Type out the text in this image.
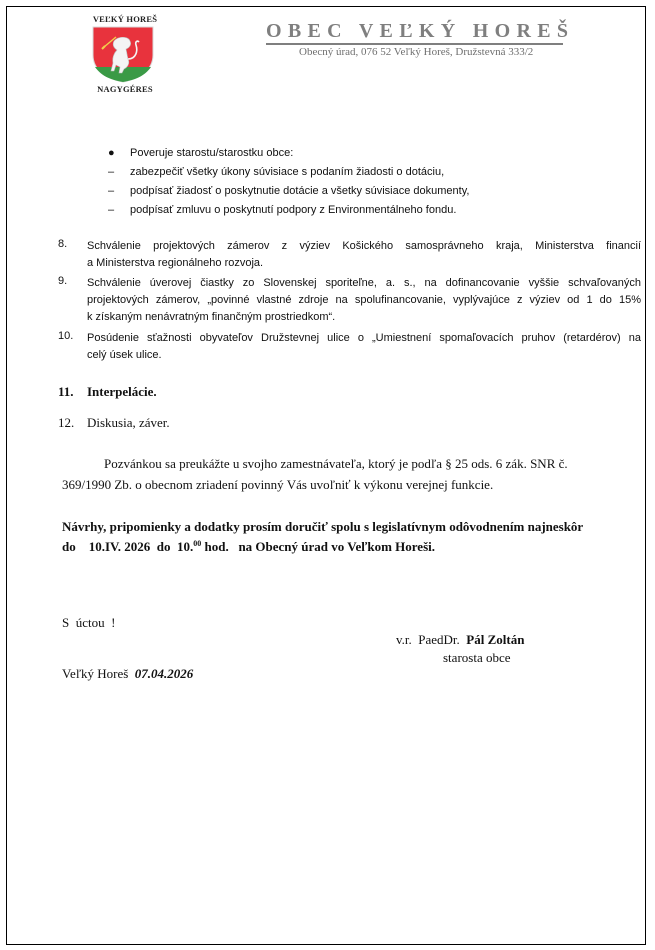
VEĽKÝ HOREŠ
NAGYGÉRES
OBEC VEĽKÝ HOREŠ
Obecný úrad, 076 52 Veľký Horeš, Družstevná 333/2
●	Poveruje starostu/starostku obce:
–	zabezpečiť všetky úkony súvisiace s podaním žiadosti o dotáciu,
–	podpísať žiadosť o poskytnutie dotácie a všetky súvisiace dokumenty,
–	podpísať zmluvu o poskytnutí podpory z Environmentálneho fondu.
8. Schválenie projektových zámerov z výziev Košického samosprávneho kraja, Ministerstva financií
a Ministerstva regionálneho rozvoja.
9. Schválenie úverovej čiastky zo Slovenskej sporiteľne, a. s., na dofinancovanie vyššie schvaľovaných
projektových zámerov, „povinné vlastné zdroje na spolufinancovanie, vyplývajúce z výziev od 1 do 15%
k získaným nenávratným finančným prostriedkom“.
10. Posúdenie sťažnosti obyvateľov Družstevnej ulice o „Umiestnení spomaľovacích pruhov (retardérov) na
celý úsek ulice.
11. Interpelácie.
12. Diskusia, záver.
Pozvánkou sa preukážte u svojho zamestnávateľa, ktorý je podľa § 25 ods. 6 zák. SNR č.
369/1990 Zb. o obecnom zriadení povinný Vás uvoľniť k výkonu verejnej funkcie.
Návrhy, pripomienky a dodatky prosím doručiť spolu s legislatívnym odôvodnením najneskôr
do    10.IV. 2026  do  10.00 hod.   na Obecný úrad vo Veľkom Horeši.
S  úctou  !
v.r.  PaedDr.  Pál Zoltán
starosta obce
Veľký Horeš  07.04.2026
